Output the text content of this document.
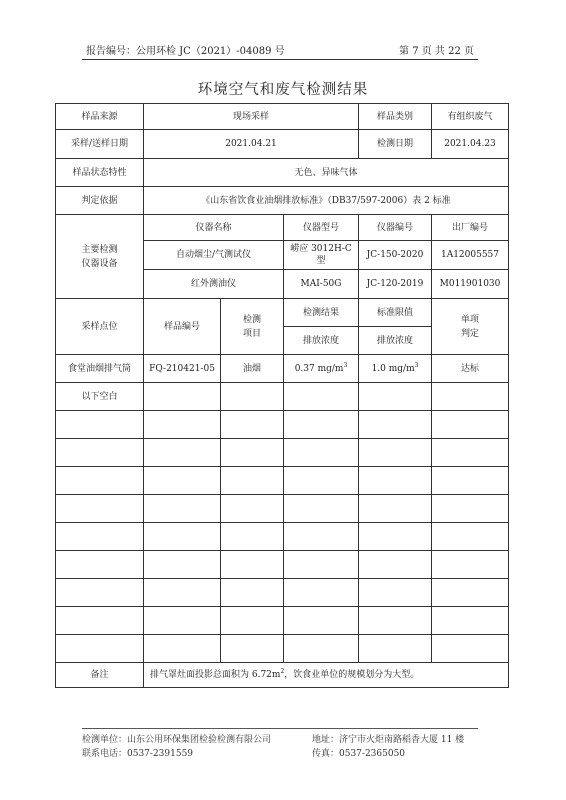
报告编号：公用环检 JC（2021）-04089 号	第 7 页 共 22 页
环境空气和废气检测结果
样品来源	现场采样			样品类别	有组织废气
采样/送样日期	2021.04.21			检测日期	2021.04.23
样品状态特性	无色、异味气体				
判定依据	《山东省饮食业油烟排放标准》（DB37/597-2006）表 2 标准				

主要检测仪器设备	仪器名称		仪器型号	仪器编号	出厂编号
	自动烟尘/气测试仪		崂应 3012H-C 型	JC-150-2020	1A12005557
	红外测油仪		MAI-50G	JC-120-2019	M011901030
采样点位	样品编号	检测项目	检测结果	标准限值	单项判定

			排放浓度	排放浓度	
食堂油烟排气筒	FQ-210421-05	油烟	0.37 $mg/m^3$	1.0 $mg/m^3$	达标
以下空白					

备注	排气罩灶面投影总面积为 $6.72m^2$，饮食业单位的规模划分为大型。				
检测单位：山东公用环保集团检验检测有限公司	地址：济宁市火炬南路稻香大厦 11 楼
联系电话：0537-2391559	传真：0537-2365050
